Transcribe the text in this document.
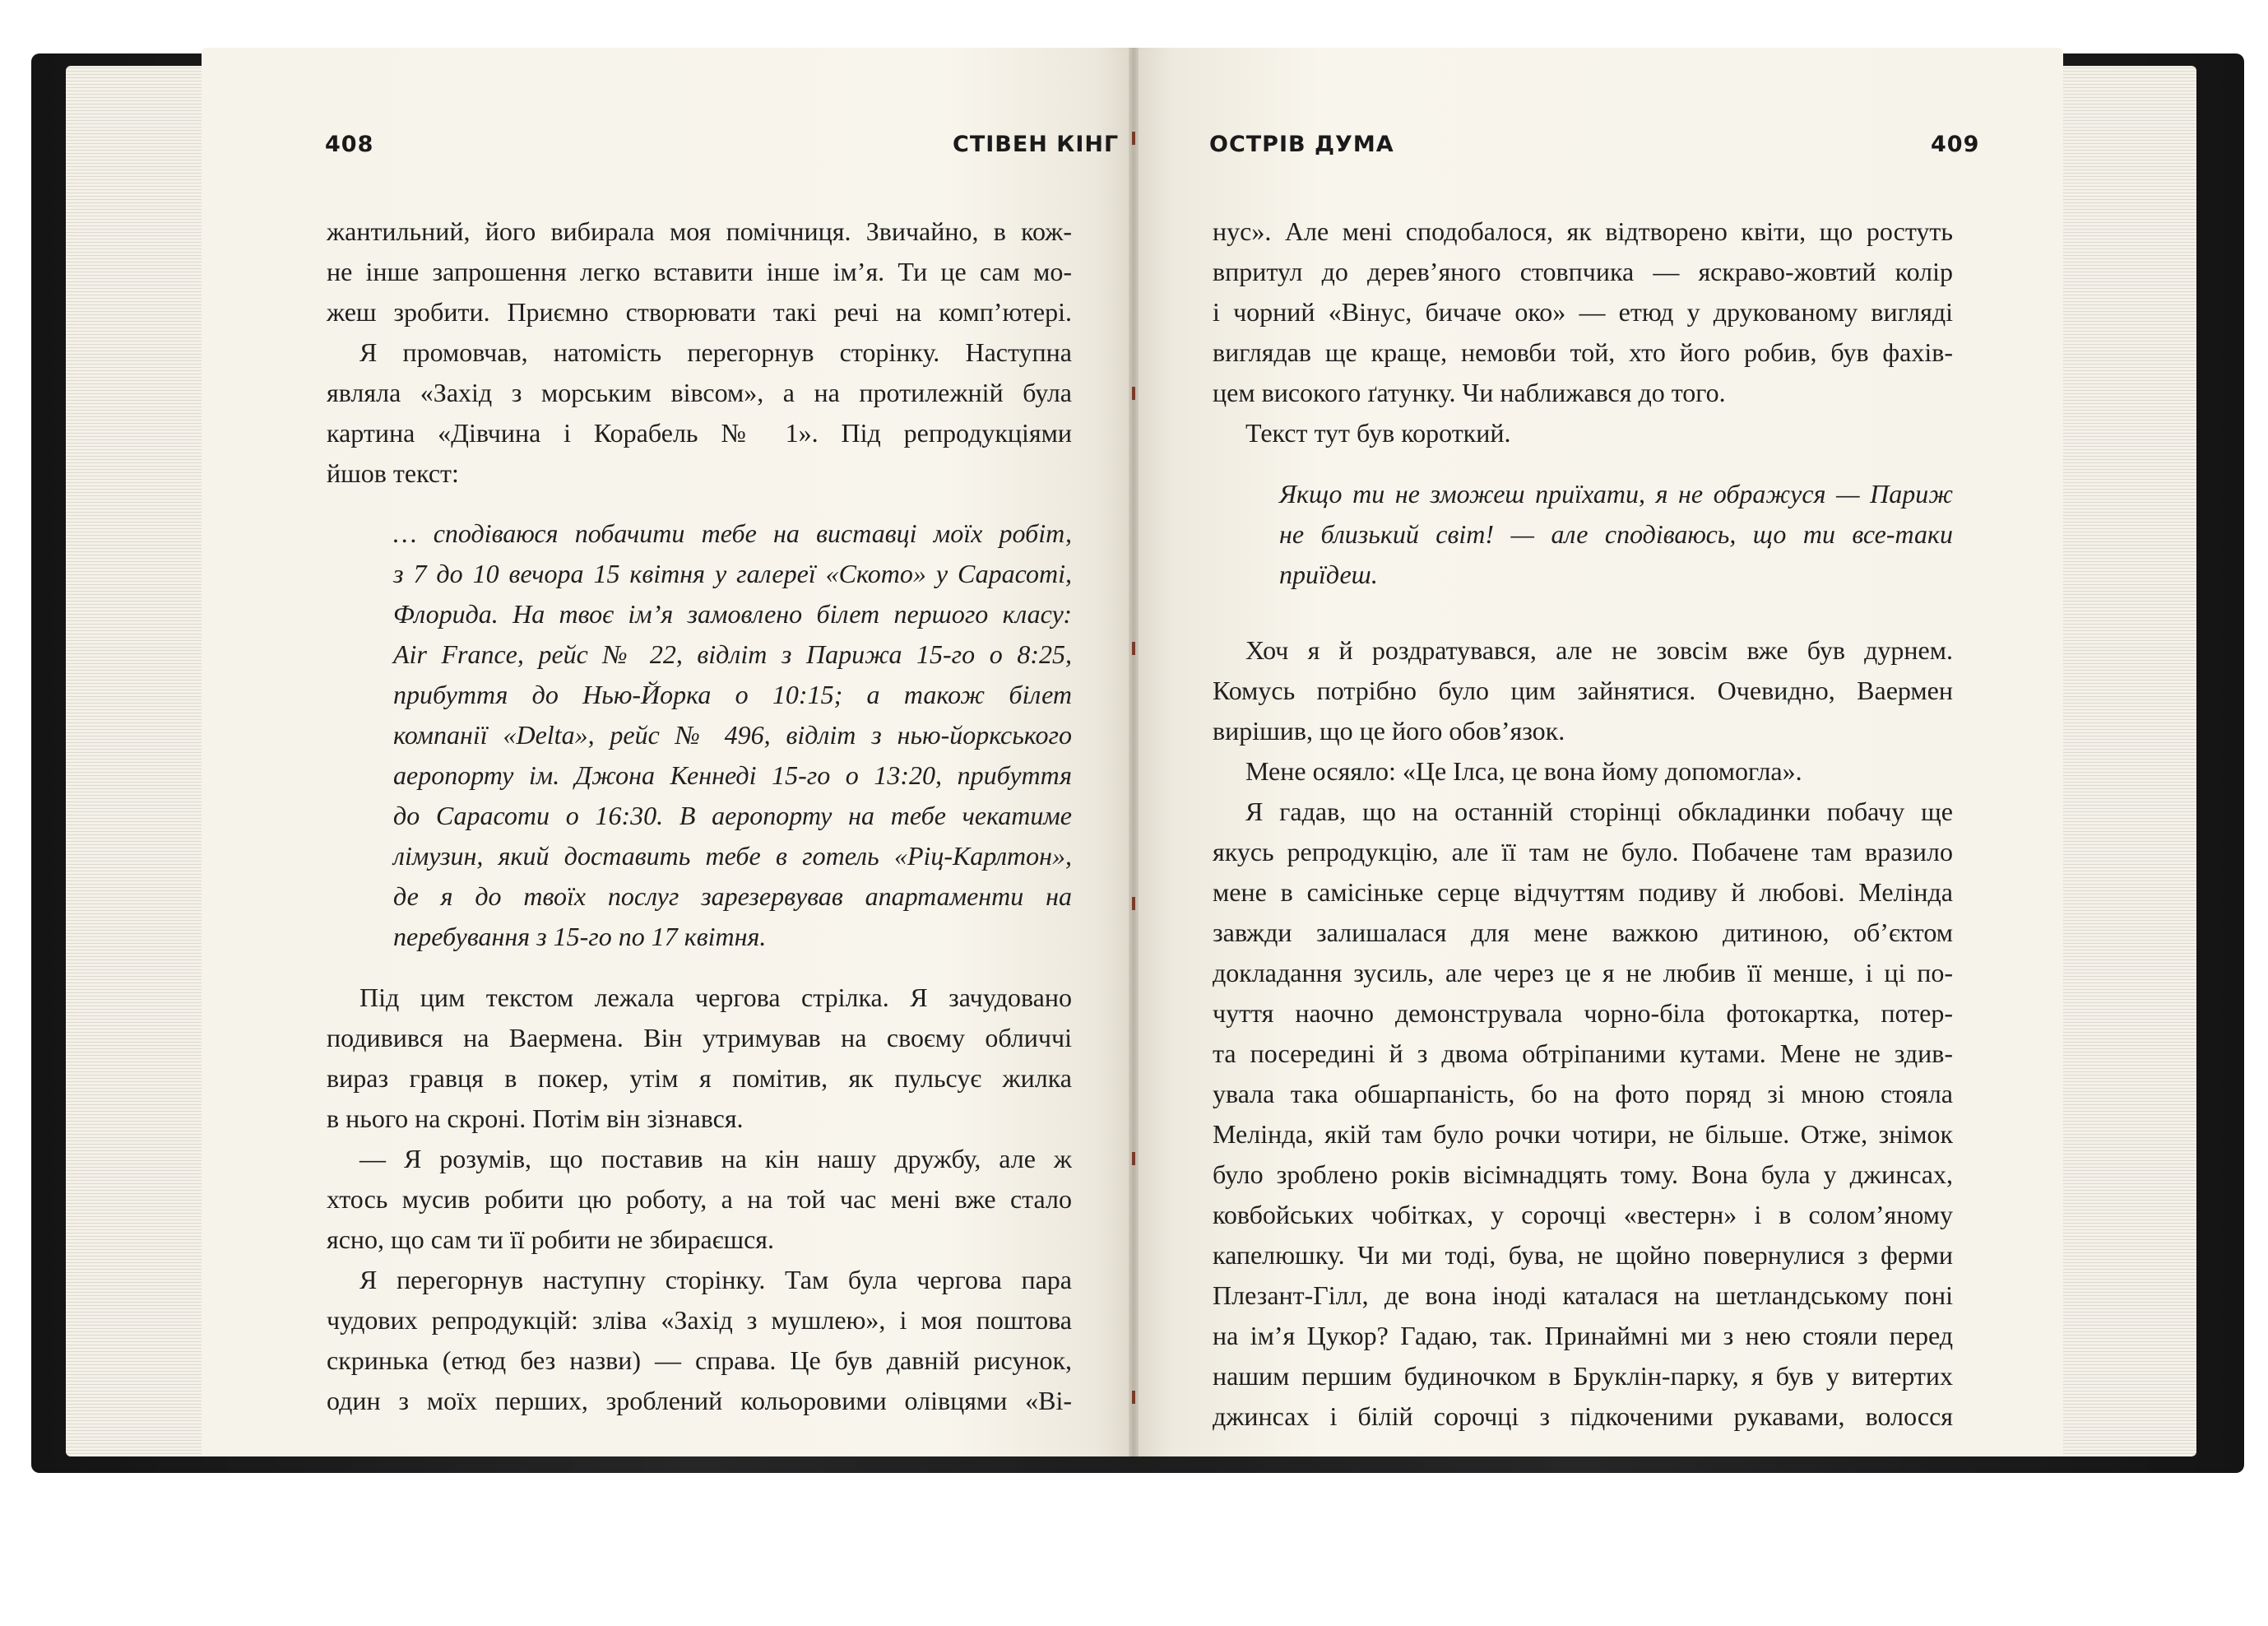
408	СТІВЕН КІНГ	ОСТРІВ ДУМА	409
жантильний, його вибирала моя помічниця. Звичайно, в кож-
не інше запрошення легко вставити інше ім’я. Ти це сам мо-
жеш зробити. Приємно створювати такі речі на комп’ютері.
Я промовчав, натомість перегорнув сторінку. Наступна
являла «Захід з морським вівсом», а на протилежній була
картина «Дівчина і Корабель № 1». Під репродукціями
йшов текст:
… сподіваюся побачити тебе на виставці моїх робіт,
з 7 до 10 вечора 15 квітня у галереї «Ското» у Сарасоті,
Флорида. На твоє ім’я замовлено білет першого класу:
Air France, рейс № 22, відліт з Парижа 15-го о 8:25,
прибуття до Нью-Йорка о 10:15; а також білет
компанії «Delta», рейс № 496, відліт з нью-йоркського
аеропорту ім. Джона Кеннеді 15-го о 13:20, прибуття
до Сарасоти о 16:30. В аеропорту на тебе чекатиме
лімузин, який доставить тебе в готель «Ріц-Карлтон»,
де я до твоїх послуг зарезервував апартаменти на
перебування з 15-го по 17 квітня.
Під цим текстом лежала чергова стрілка. Я зачудовано
подивився на Ваермена. Він утримував на своєму обличчі
вираз гравця в покер, утім я помітив, як пульсує жилка
в нього на скроні. Потім він зізнався.
— Я розумів, що поставив на кін нашу дружбу, але ж
хтось мусив робити цю роботу, а на той час мені вже стало
ясно, що сам ти її робити не збираєшся.
Я перегорнув наступну сторінку. Там була чергова пара
чудових репродукцій: зліва «Захід з мушлею», і моя поштова
скринька (етюд без назви) — справа. Це був давній рисунок,
один з моїх перших, зроблений кольоровими олівцями «Ві-
нус». Але мені сподобалося, як відтворено квіти, що ростуть
впритул до дерев’яного стовпчика — яскраво-жовтий колір
і чорний «Вінус, бичаче око» — етюд у друкованому вигляді
виглядав ще краще, немовби той, хто його робив, був фахів-
цем високого ґатунку. Чи наближався до того.
Текст тут був короткий.
Якщо ти не зможеш приїхати, я не ображуся — Париж
не близький світ! — але сподіваюсь, що ти все-таки
приїдеш.
Хоч я й роздратувався, але не зовсім вже був дурнем.
Комусь потрібно було цим зайнятися. Очевидно, Ваермен
вирішив, що це його обов’язок.
Мене осяяло: «Це Ілса, це вона йому допомогла».
Я гадав, що на останній сторінці обкладинки побачу ще
якусь репродукцію, але її там не було. Побачене там вразило
мене в самісіньке серце відчуттям подиву й любові. Мелінда
завжди залишалася для мене важкою дитиною, об’єктом
докладання зусиль, але через це я не любив її менше, і ці по-
чуття наочно демонструвала чорно-біла фотокартка, потер-
та посередині й з двома обтріпаними кутами. Мене не здив-
увала така обшарпаність, бо на фото поряд зі мною стояла
Мелінда, якій там було рочки чотири, не більше. Отже, знімок
було зроблено років вісімнадцять тому. Вона була у джинсах,
ковбойських чобітках, у сорочці «вестерн» і в солом’яному
капелюшку. Чи ми тоді, бува, не щойно повернулися з ферми
Плезант-Гілл, де вона іноді каталася на шетландському поні
на ім’я Цукор? Гадаю, так. Принаймні ми з нею стояли перед
нашим першим будиночком в Бруклін-парку, я був у витертих
джинсах і білій сорочці з підкоченими рукавами, волосся
